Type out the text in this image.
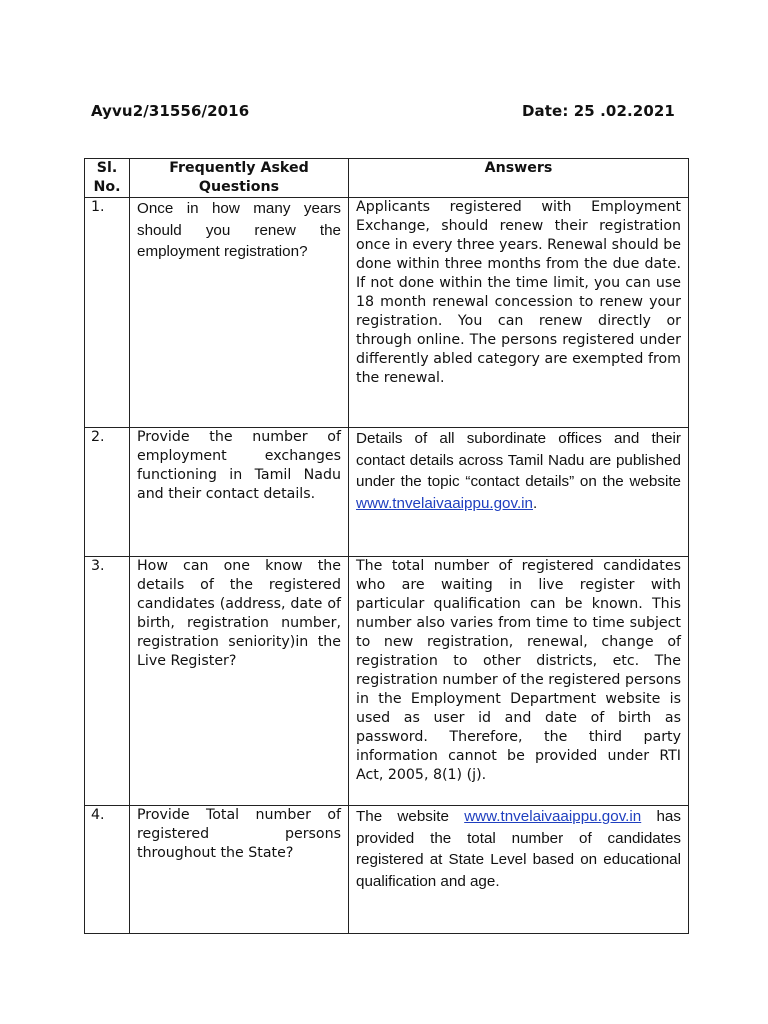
Ayvu2/31556/2016	Date: 25 .02.2021
Sl. No.	Frequently Asked Questions	Answers
1.	Once in how many years should you renew the employment registration?	Applicants registered with Employment Exchange, should renew their registration once in every three years. Renewal should be done within three months from the due date. If not done within the time limit, you can use 18 month renewal concession to renew your registration. You can renew directly or through online. The persons registered under differently abled category are exempted from the renewal.
2.	Provide the number of employment exchanges functioning in Tamil Nadu and their contact details.	Details of all subordinate offices and their contact details across Tamil Nadu are published under the topic “contact details” on the website
www.tnvelaivaaippu.gov.in.
3.	How can one know the details of the registered candidates (address, date of birth, registration number, registration seniority)in the Live Register?	The total number of registered candidates who are waiting in live register with particular qualification can be known. This number also varies from time to time subject to new registration, renewal, change of registration to other districts, etc. The registration number of the registered persons in the Employment Department website is used as user id and date of birth as password. Therefore, the third party information cannot be provided under RTI Act, 2005, 8(1) (j).
4.	Provide Total number of registered persons throughout the State?	The website www.tnvelaivaaippu.gov.in has provided the total number of candidates registered at State Level based on educational qualification and age.
